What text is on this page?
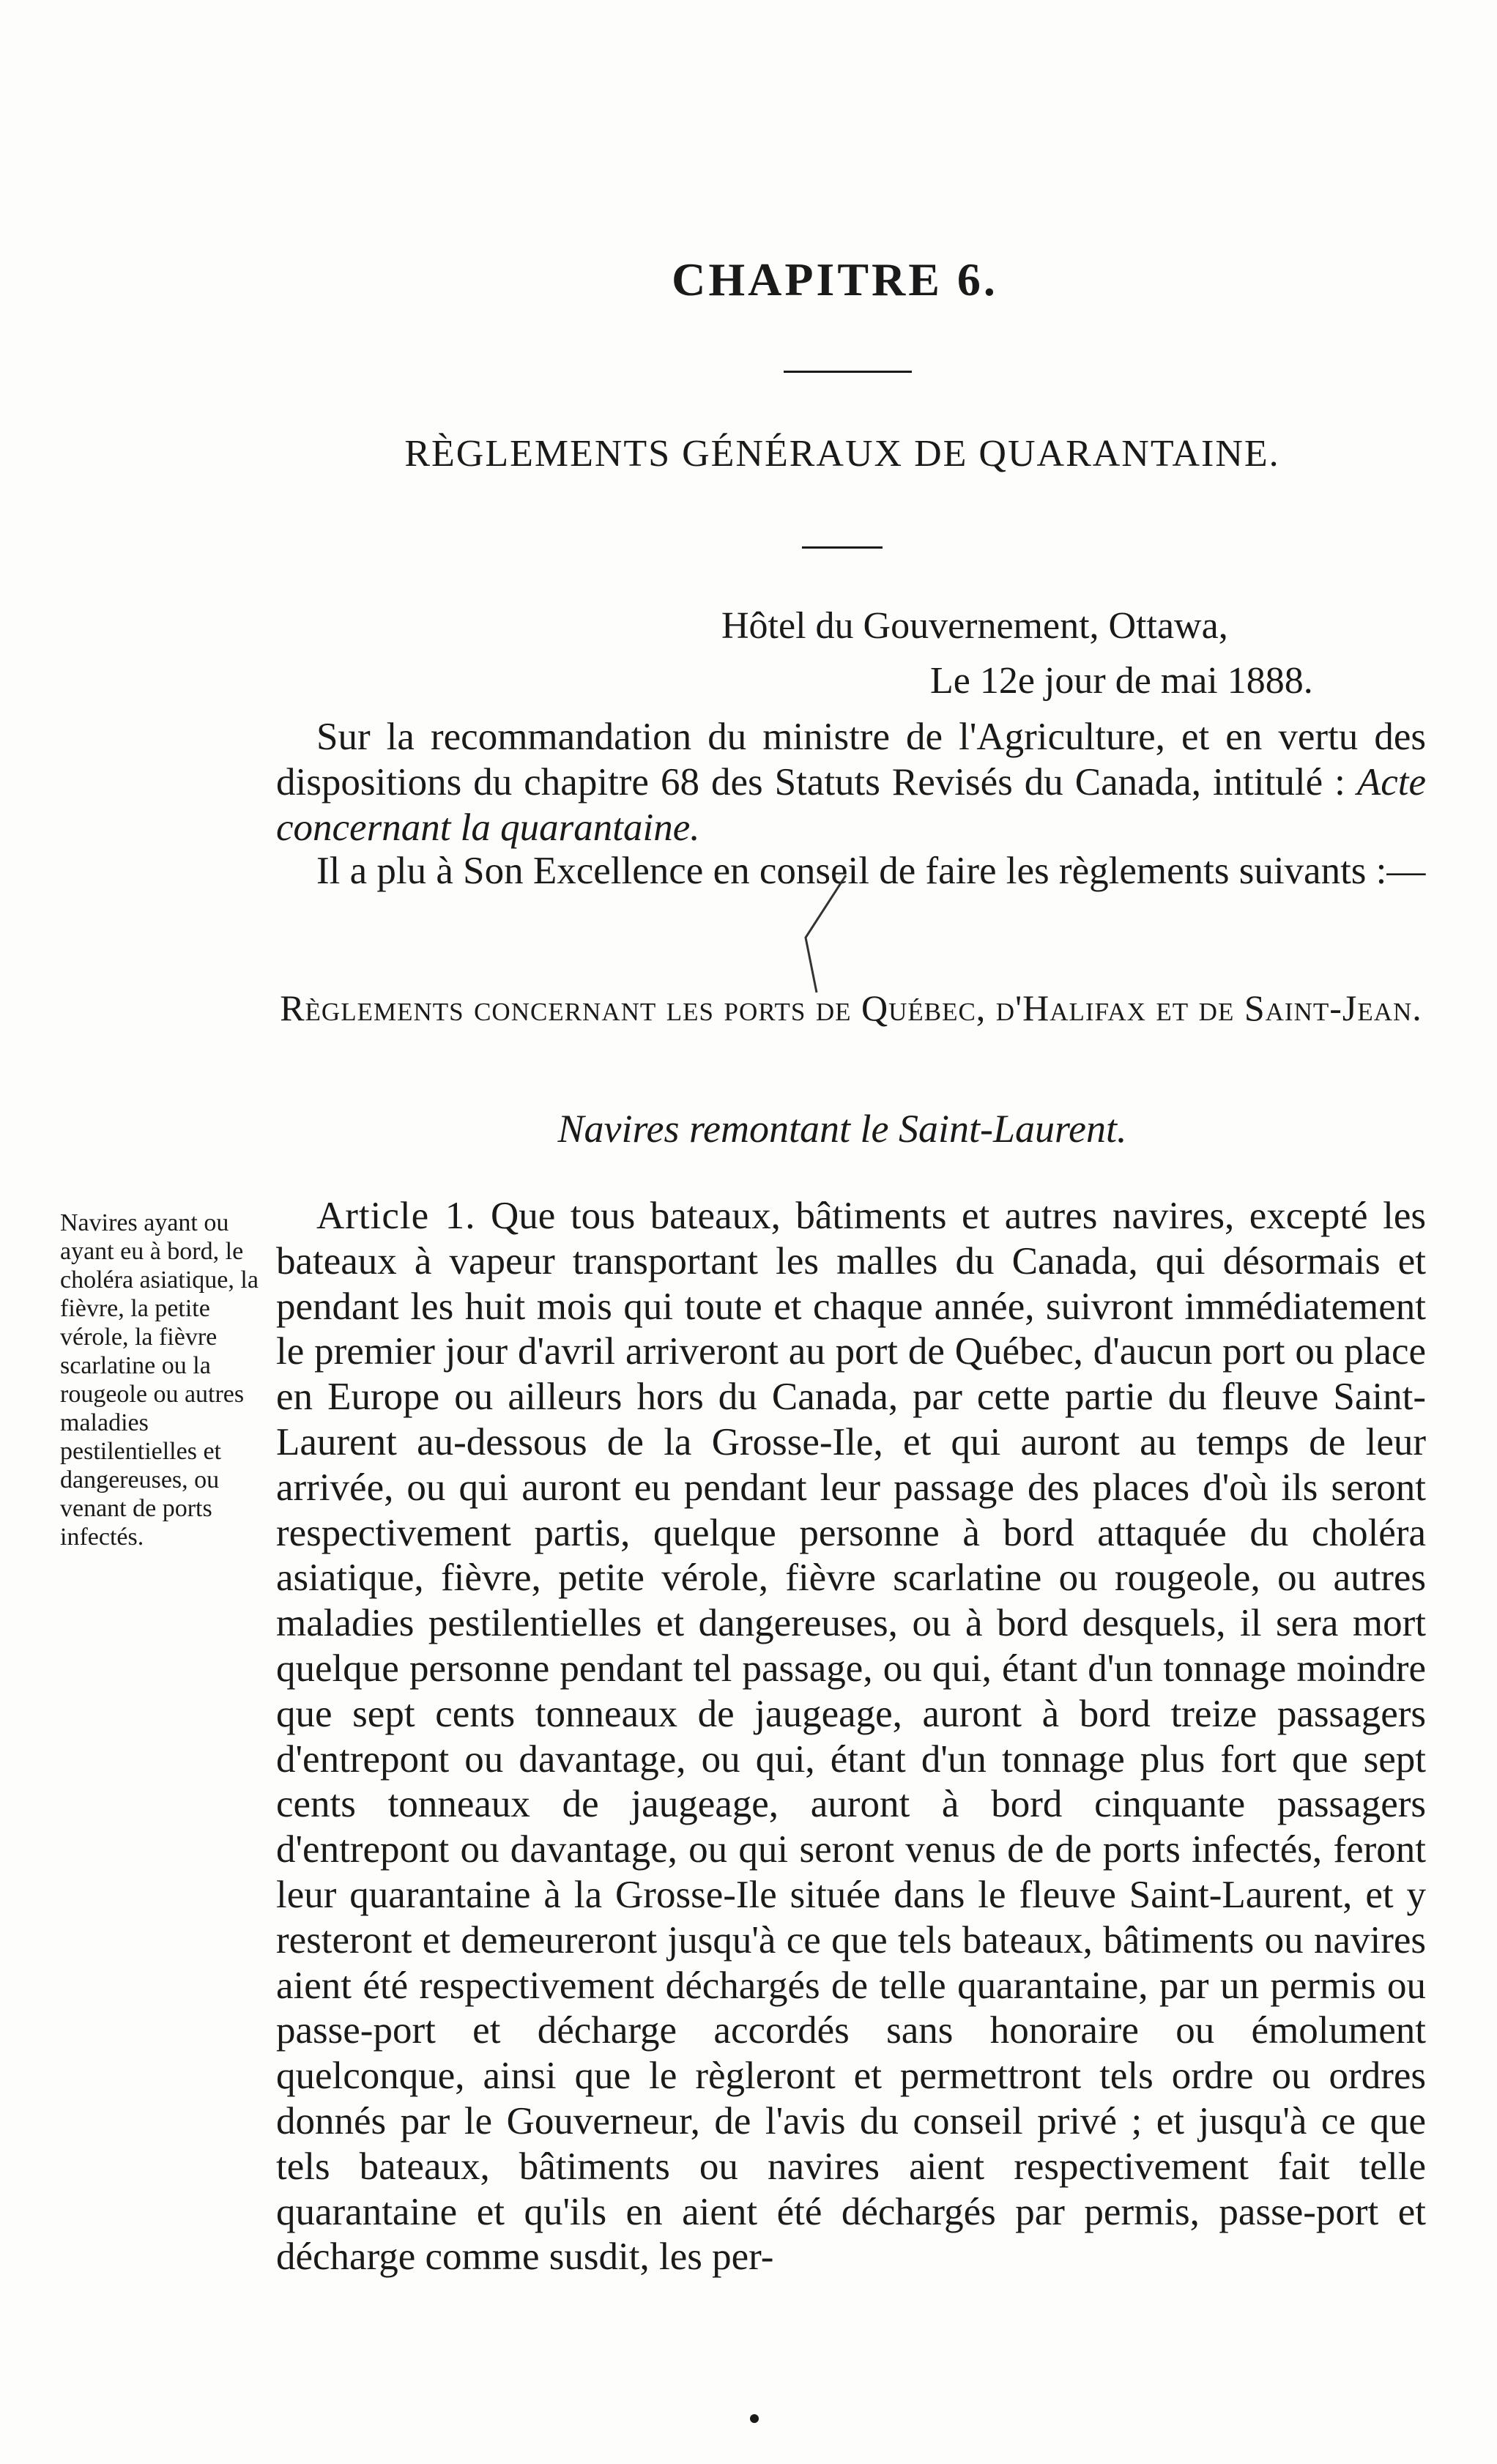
CHAPITRE 6.
RÈGLEMENTS GÉNÉRAUX DE QUARANTAINE.
Hôtel du Gouvernement, Ottawa,
Le 12e jour de mai 1888.

Sur la recommandation du ministre de l'Agriculture, et en vertu des dispositions du chapitre 68 des Statuts Revisés du Canada, intitulé : Acte concernant la quarantaine.

Il a plu à Son Excellence en conseil de faire les règlements suivants :—

Règlements concernant les ports de Québec, d'Halifax et de Saint-Jean.

Navires remontant le Saint-Laurent.

Navires ayant ou ayant eu à bord, le choléra asiatique, la fièvre, la petite vérole, la fièvre scarlatine ou la rougeole ou autres maladies pestilentielles et dangereuses, ou venant de ports infectés.

Article 1. Que tous bateaux, bâtiments et autres navires, excepté les bateaux à vapeur transportant les malles du Canada, qui désormais et pendant les huit mois qui toute et chaque année, suivront immédiatement le premier jour d'avril arriveront au port de Québec, d'aucun port ou place en Europe ou ailleurs hors du Canada, par cette partie du fleuve Saint-Laurent au-dessous de la Grosse-Ile, et qui auront au temps de leur arrivée, ou qui auront eu pendant leur passage des places d'où ils seront respectivement partis, quelque personne à bord attaquée du choléra asiatique, fièvre, petite vérole, fièvre scarlatine ou rougeole, ou autres maladies pestilentielles et dangereuses, ou à bord desquels, il sera mort quelque personne pendant tel passage, ou qui, étant d'un tonnage moindre que sept cents tonneaux de jaugeage, auront à bord treize passagers d'entrepont ou davantage, ou qui, étant d'un tonnage plus fort que sept cents tonneaux de jaugeage, auront à bord cinquante passagers d'entrepont ou davantage, ou qui seront venus de de ports infectés, feront leur quarantaine à la Grosse-Ile située dans le fleuve Saint-Laurent, et y resteront et demeureront jusqu'à ce que tels bateaux, bâtiments ou navires aient été respectivement déchargés de telle quarantaine, par un permis ou passe-port et décharge accordés sans honoraire ou émolument quelconque, ainsi que le règleront et permettront tels ordre ou ordres donnés par le Gouverneur, de l'avis du conseil privé ; et jusqu'à ce que tels bateaux, bâtiments ou navires aient respectivement fait telle quarantaine et qu'ils en aient été déchargés par permis, passe-port et décharge comme susdit, les per-
